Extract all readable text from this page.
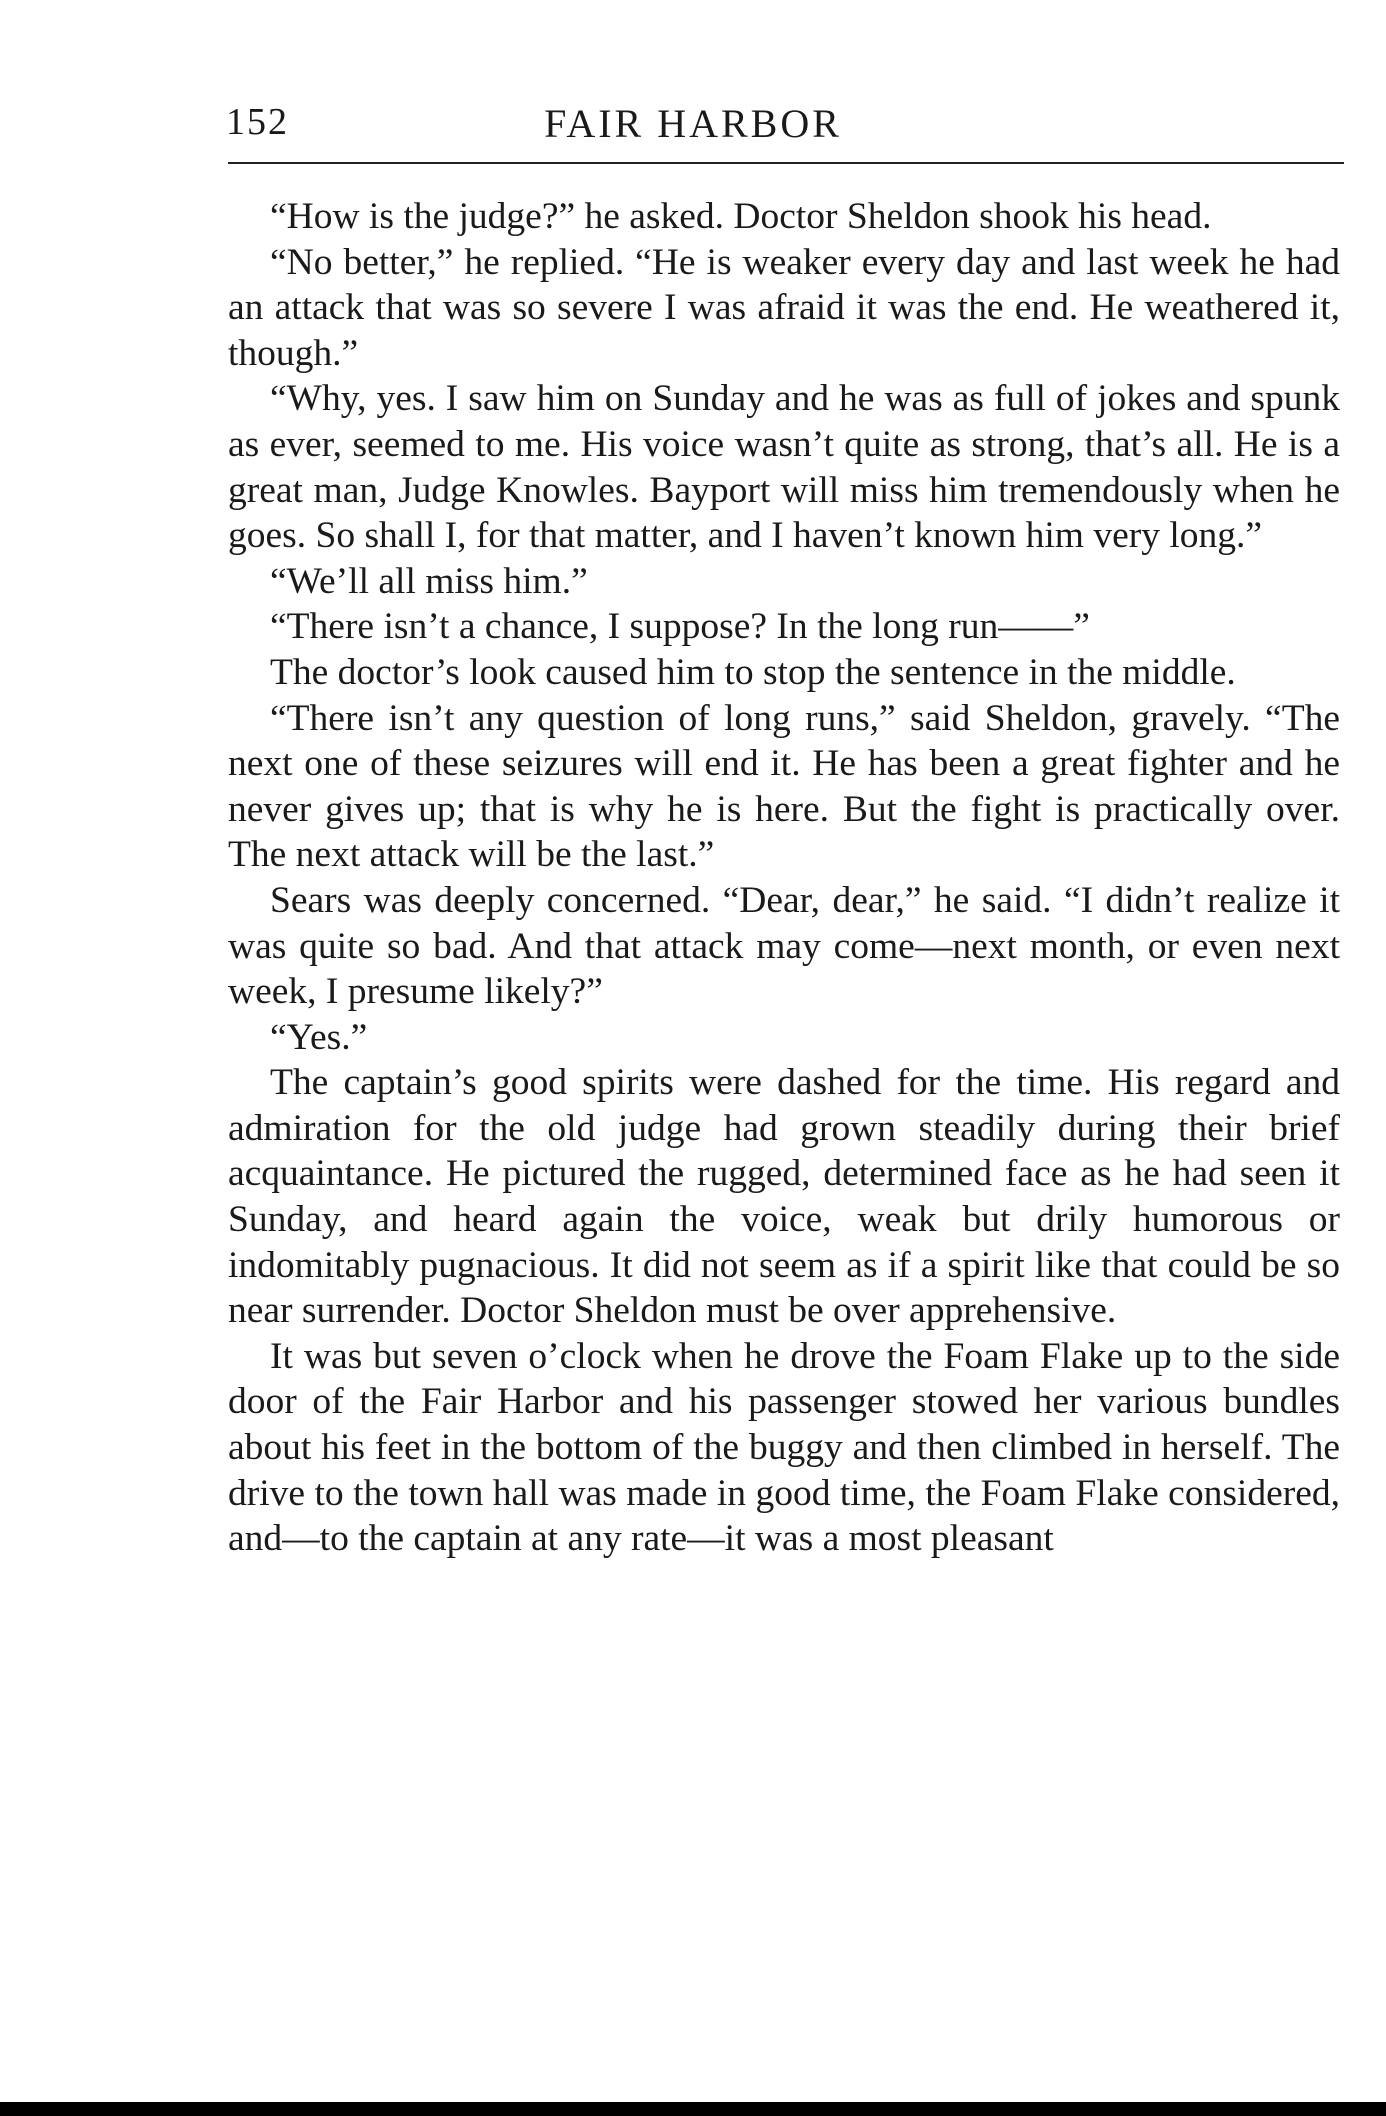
152	FAIR HARBOR

“How is the judge?” he asked. Doctor Sheldon shook his head.

“No better,” he replied. “He is weaker every day and last week he had an attack that was so severe I was afraid it was the end. He weathered it, though.”

“Why, yes. I saw him on Sunday and he was as full of jokes and spunk as ever, seemed to me. His voice wasn’t quite as strong, that’s all. He is a great man, Judge Knowles. Bayport will miss him tremendously when he goes. So shall I, for that matter, and I haven’t known him very long.”

“We’ll all miss him.”

“There isn’t a chance, I suppose? In the long run——”

The doctor’s look caused him to stop the sentence in the middle.

“There isn’t any question of long runs,” said Sheldon, gravely. “The next one of these seizures will end it. He has been a great fighter and he never gives up; that is why he is here. But the fight is practically over. The next attack will be the last.”

Sears was deeply concerned. “Dear, dear,” he said. “I didn’t realize it was quite so bad. And that attack may come—next month, or even next week, I presume likely?”

“Yes.”

The captain’s good spirits were dashed for the time. His regard and admiration for the old judge had grown steadily during their brief acquaintance. He pictured the rugged, determined face as he had seen it Sunday, and heard again the voice, weak but drily humorous or indomitably pugnacious. It did not seem as if a spirit like that could be so near surrender. Doctor Sheldon must be over apprehensive.

It was but seven o’clock when he drove the Foam Flake up to the side door of the Fair Harbor and his passenger stowed her various bundles about his feet in the bottom of the buggy and then climbed in herself. The drive to the town hall was made in good time, the Foam Flake considered, and—to the captain at any rate—it was a most pleasant
